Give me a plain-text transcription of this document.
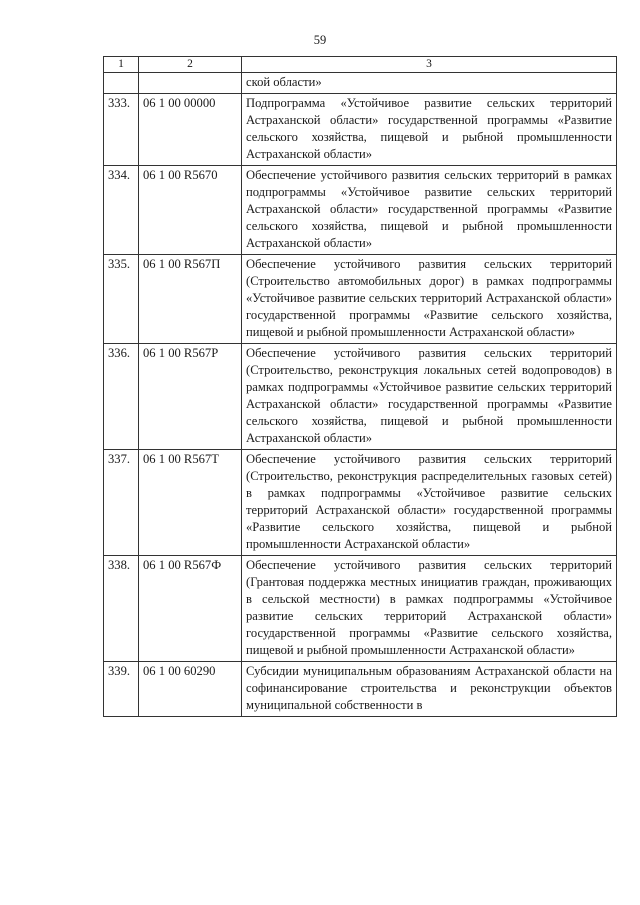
59
1	2	3
		ской области»
333.	06 1 00 00000	Подпрограмма «Устойчивое развитие сельских территорий Астраханской области» государственной программы «Развитие сельского хозяйства, пищевой и рыбной промышленности Астраханской области»
334.	06 1 00 R5670	Обеспечение устойчивого развития сельских территорий в рамках подпрограммы «Устойчивое развитие сельских территорий Астраханской области» государственной программы «Развитие сельского хозяйства, пищевой и рыбной промышленности Астраханской области»
335.	06 1 00 R567П	Обеспечение устойчивого развития сельских территорий (Строительство автомобильных дорог) в рамках подпрограммы «Устойчивое развитие сельских территорий Астраханской области» государственной программы «Развитие сельского хозяйства, пищевой и рыбной промышленности Астраханской области»
336.	06 1 00 R567Р	Обеспечение устойчивого развития сельских территорий (Строительство, реконструкция локальных сетей водопроводов) в рамках подпрограммы «Устойчивое развитие сельских территорий Астраханской области» государственной программы «Развитие сельского хозяйства, пищевой и рыбной промышленности Астраханской области»
337.	06 1 00 R567Т	Обеспечение устойчивого развития сельских территорий (Строительство, реконструкция распределительных газовых сетей) в рамках подпрограммы «Устойчивое развитие сельских территорий Астраханской области» государственной программы «Развитие сельского хозяйства, пищевой и рыбной промышленности Астраханской области»
338.	06 1 00 R567Ф	Обеспечение устойчивого развития сельских территорий (Грантовая поддержка местных инициатив граждан, проживающих в сельской местности) в рамках подпрограммы «Устойчивое развитие сельских территорий Астраханской области» государственной программы «Развитие сельского хозяйства, пищевой и рыбной промышленности Астраханской области»
339.	06 1 00 60290	Субсидии муниципальным образованиям Астраханской области на софинансирование строительства и реконструкции объектов муниципальной собственности в
